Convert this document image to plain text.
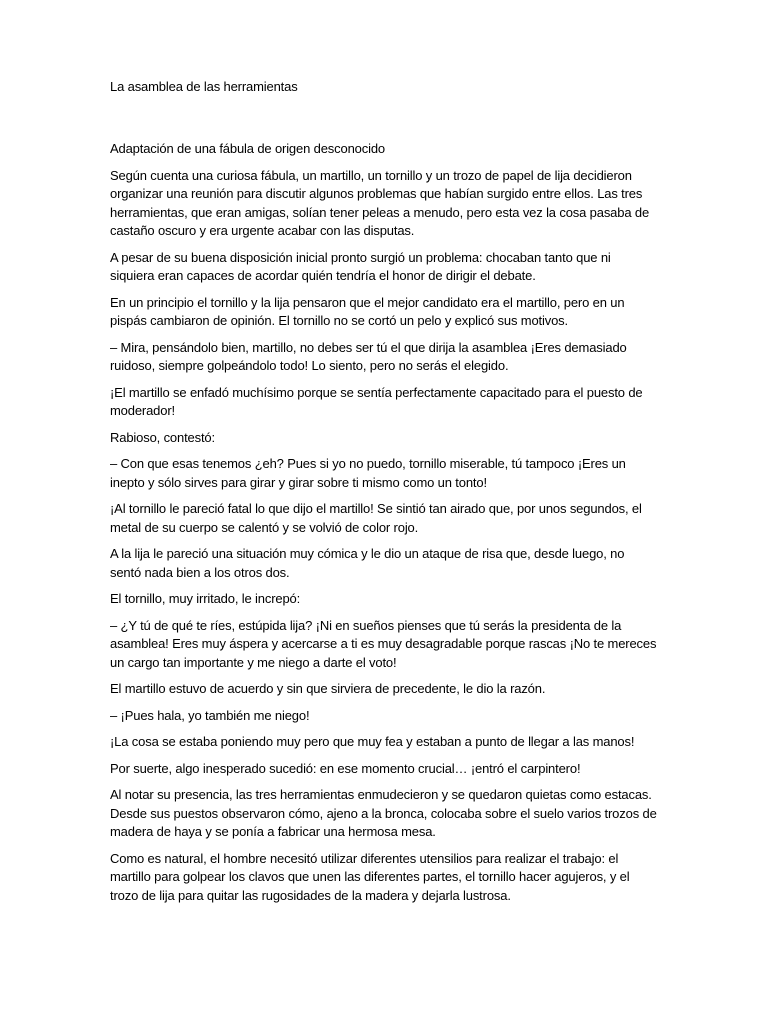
La asamblea de las herramientas

Adaptación de una fábula de origen desconocido

Según cuenta una curiosa fábula, un martillo, un tornillo y un trozo de papel de lija decidieron organizar una reunión para discutir algunos problemas que habían surgido entre ellos. Las tres herramientas, que eran amigas, solían tener peleas a menudo, pero esta vez la cosa pasaba de castaño oscuro y era urgente acabar con las disputas.

A pesar de su buena disposición inicial pronto surgió un problema: chocaban tanto que ni siquiera eran capaces de acordar quién tendría el honor de dirigir el debate.

En un principio el tornillo y la lija pensaron que el mejor candidato era el martillo, pero en un pispás cambiaron de opinión. El tornillo no se cortó un pelo y explicó sus motivos.

– Mira, pensándolo bien, martillo, no debes ser tú el que dirija la asamblea ¡Eres demasiado ruidoso, siempre golpeándolo todo! Lo siento, pero no serás el elegido.

¡El martillo se enfadó muchísimo porque se sentía perfectamente capacitado para el puesto de moderador!

Rabioso, contestó:

– Con que esas tenemos ¿eh? Pues si yo no puedo, tornillo miserable, tú tampoco ¡Eres un inepto y sólo sirves para girar y girar sobre ti mismo como un tonto!

¡Al tornillo le pareció fatal lo que dijo el martillo! Se sintió tan airado que, por unos segundos, el metal de su cuerpo se calentó y se volvió de color rojo.

A la lija le pareció una situación muy cómica y le dio un ataque de risa que, desde luego, no sentó nada bien a los otros dos.

El tornillo, muy irritado, le increpó:

– ¿Y tú de qué te ríes, estúpida lija? ¡Ni en sueños pienses que tú serás la presidenta de la asamblea! Eres muy áspera y acercarse a ti es muy desagradable porque rascas ¡No te mereces un cargo tan importante y me niego a darte el voto!

El martillo estuvo de acuerdo y sin que sirviera de precedente, le dio la razón.

– ¡Pues hala, yo también me niego!

¡La cosa se estaba poniendo muy pero que muy fea y estaban a punto de llegar a las manos!

Por suerte, algo inesperado sucedió: en ese momento crucial… ¡entró el carpintero!

Al notar su presencia, las tres herramientas enmudecieron y se quedaron quietas como estacas. Desde sus puestos observaron cómo, ajeno a la bronca, colocaba sobre el suelo varios trozos de madera de haya y se ponía a fabricar una hermosa mesa.

Como es natural, el hombre necesitó utilizar diferentes utensilios para realizar el trabajo: el martillo para golpear los clavos que unen las diferentes partes, el tornillo hacer agujeros, y el trozo de lija para quitar las rugosidades de la madera y dejarla lustrosa.
